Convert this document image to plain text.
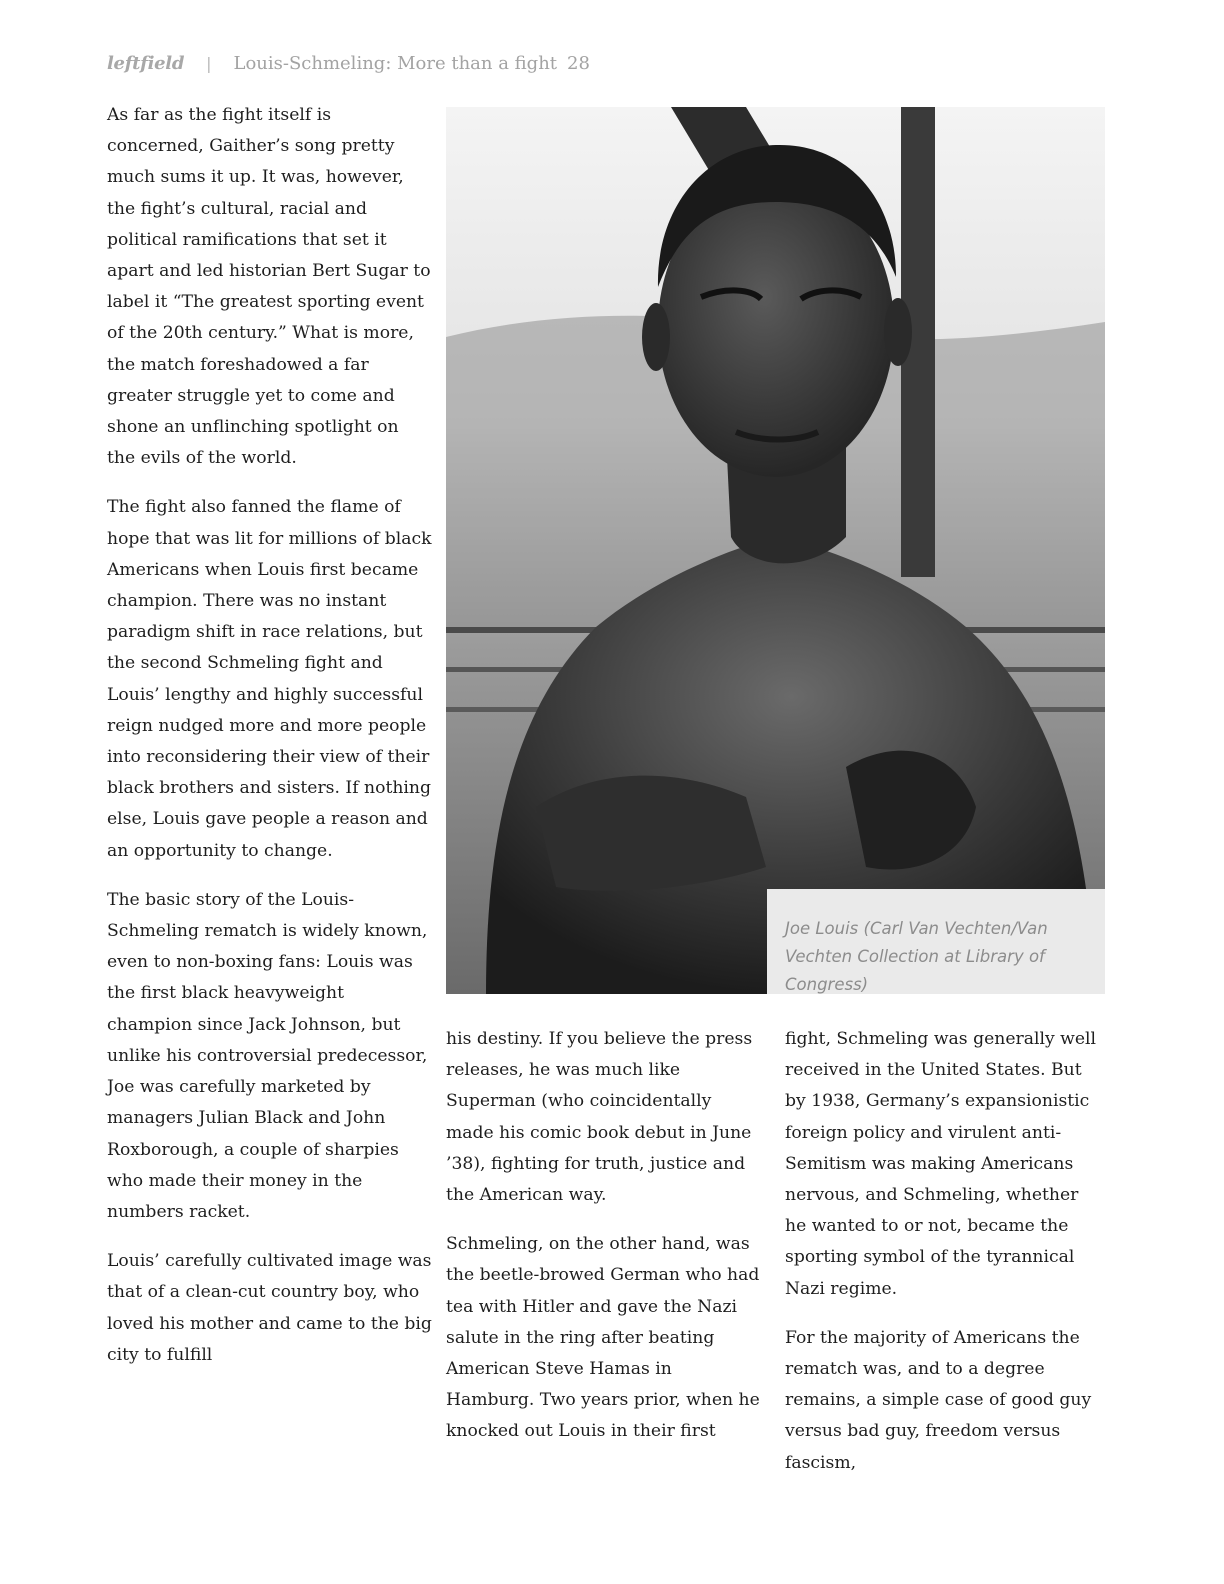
leftfield | Louis-Schmeling: More than a fight 28

As far as the fight itself is concerned, Gaither’s song pretty much sums it up. It was, however, the fight’s cultural, racial and political ramifications that set it apart and led historian Bert Sugar to label it “The greatest sporting event of the 20th century.” What is more, the match foreshadowed a far greater struggle yet to come and shone an unflinching spotlight on the evils of the world.

The fight also fanned the flame of hope that was lit for millions of black Americans when Louis first became champion. There was no instant paradigm shift in race relations, but the second Schmeling fight and Louis’ lengthy and highly successful reign nudged more and more people into reconsidering their view of their black brothers and sisters. If nothing else, Louis gave people a reason and an opportunity to change.

The basic story of the Louis-Schmeling rematch is widely known, even to non-boxing fans: Louis was the first black heavyweight champion since Jack Johnson, but unlike his controversial predecessor, Joe was carefully marketed by managers Julian Black and John Roxborough, a couple of sharpies who made their money in the numbers racket.

Louis’ carefully cultivated image was that of a clean-cut country boy, who loved his mother and came to the big city to fulfill

Joe Louis (Carl Van Vechten/Van Vechten Collection at Library of Congress)

his destiny. If you believe the press releases, he was much like Superman (who coincidentally made his comic book debut in June ’38), fighting for truth, justice and the American way.

Schmeling, on the other hand, was the beetle-browed German who had tea with Hitler and gave the Nazi salute in the ring after beating American Steve Hamas in Hamburg. Two years prior, when he knocked out Louis in their first

fight, Schmeling was generally well received in the United States. But by 1938, Germany’s expansionistic foreign policy and virulent anti-Semitism was making Americans nervous, and Schmeling, whether he wanted to or not, became the sporting symbol of the tyrannical Nazi regime.

For the majority of Americans the rematch was, and to a degree remains, a simple case of good guy versus bad guy, freedom versus fascism,
